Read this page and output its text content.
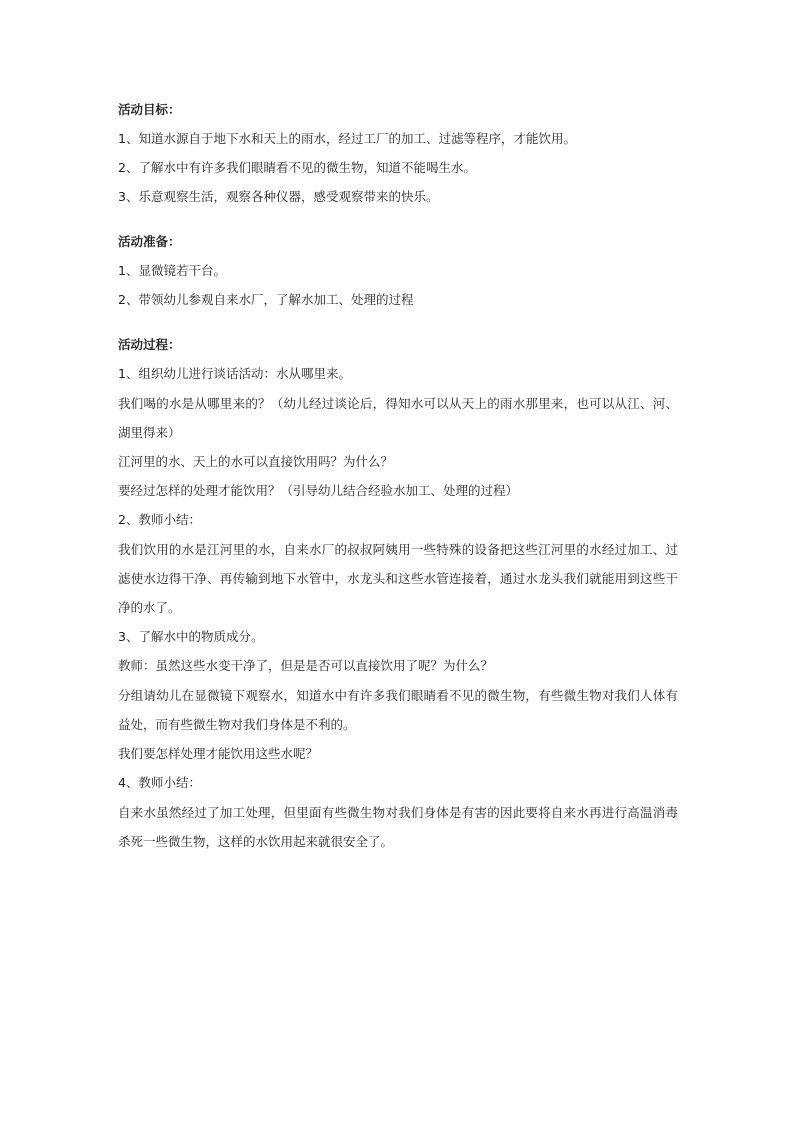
活动目标：
1、知道水源自于地下水和天上的雨水，经过工厂的加工、过滤等程序，才能饮用。
2、了解水中有许多我们眼睛看不见的微生物，知道不能喝生水。
3、乐意观察生活，观察各种仪器，感受观察带来的快乐。
活动准备：
1、显微镜若干台。
2、带领幼儿参观自来水厂，了解水加工、处理的过程
活动过程：
1、组织幼儿进行谈话活动：水从哪里来。
我们喝的水是从哪里来的？（幼儿经过谈论后，得知水可以从天上的雨水那里来，也可以从江、河、湖里得来）
江河里的水、天上的水可以直接饮用吗？为什么？
要经过怎样的处理才能饮用？（引导幼儿结合经验水加工、处理的过程）
2、教师小结：
我们饮用的水是江河里的水，自来水厂的叔叔阿姨用一些特殊的设备把这些江河里的水经过加工、过滤使水边得干净、再传输到地下水管中，水龙头和这些水管连接着，通过水龙头我们就能用到这些干净的水了。
3、了解水中的物质成分。
教师：虽然这些水变干净了，但是是否可以直接饮用了呢？为什么？
分组请幼儿在显微镜下观察水，知道水中有许多我们眼睛看不见的微生物，有些微生物对我们人体有益处，而有些微生物对我们身体是不利的。
我们要怎样处理才能饮用这些水呢？
4、教师小结：
自来水虽然经过了加工处理，但里面有些微生物对我们身体是有害的因此要将自来水再进行高温消毒杀死一些微生物，这样的水饮用起来就很安全了。
